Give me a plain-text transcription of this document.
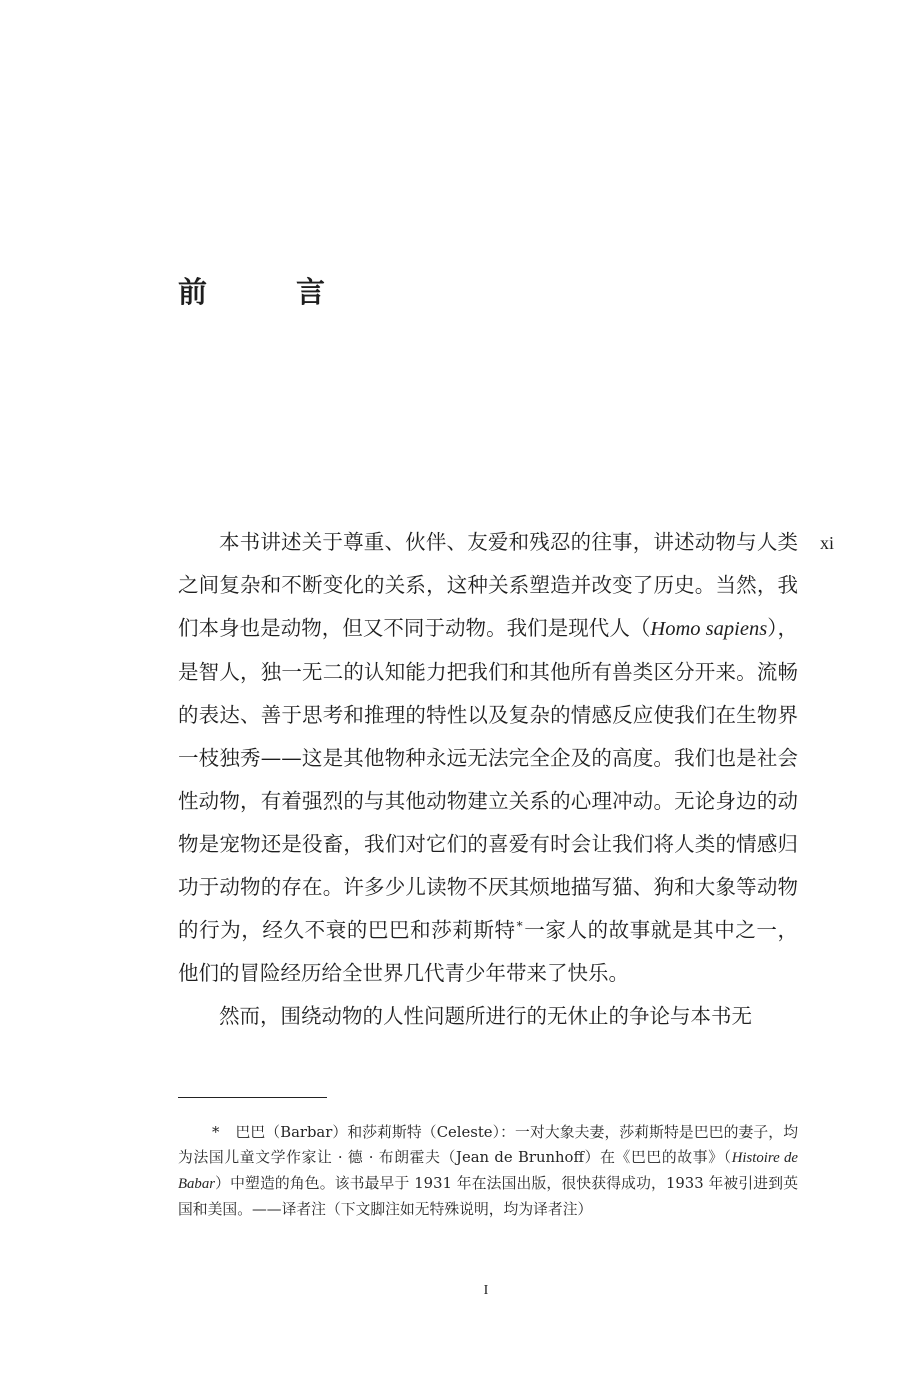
前　言
xi

本书讲述关于尊重、伙伴、友爱和残忍的往事，讲述动物与人类之间复杂和不断变化的关系，这种关系塑造并改变了历史。当然，我们本身也是动物，但又不同于动物。我们是现代人（Homo sapiens），是智人，独一无二的认知能力把我们和其他所有兽类区分开来。流畅的表达、善于思考和推理的特性以及复杂的情感反应使我们在生物界一枝独秀——这是其他物种永远无法完全企及的高度。我们也是社会性动物，有着强烈的与其他动物建立关系的心理冲动。无论身边的动物是宠物还是役畜，我们对它们的喜爱有时会让我们将人类的情感归功于动物的存在。许多少儿读物不厌其烦地描写猫、狗和大象等动物的行为，经久不衰的巴巴和莎莉斯特*一家人的故事就是其中之一，他们的冒险经历给全世界几代青少年带来了快乐。

然而，围绕动物的人性问题所进行的无休止的争论与本书无

* 巴巴（Barbar）和莎莉斯特（Celeste）：一对大象夫妻，莎莉斯特是巴巴的妻子，均为法国儿童文学作家让 · 德 · 布朗霍夫（Jean de Brunhoff）在《巴巴的故事》（Histoire de Babar）中塑造的角色。该书最早于 1931 年在法国出版，很快获得成功，1933 年被引进到英国和美国。——译者注（下文脚注如无特殊说明，均为译者注）
I
